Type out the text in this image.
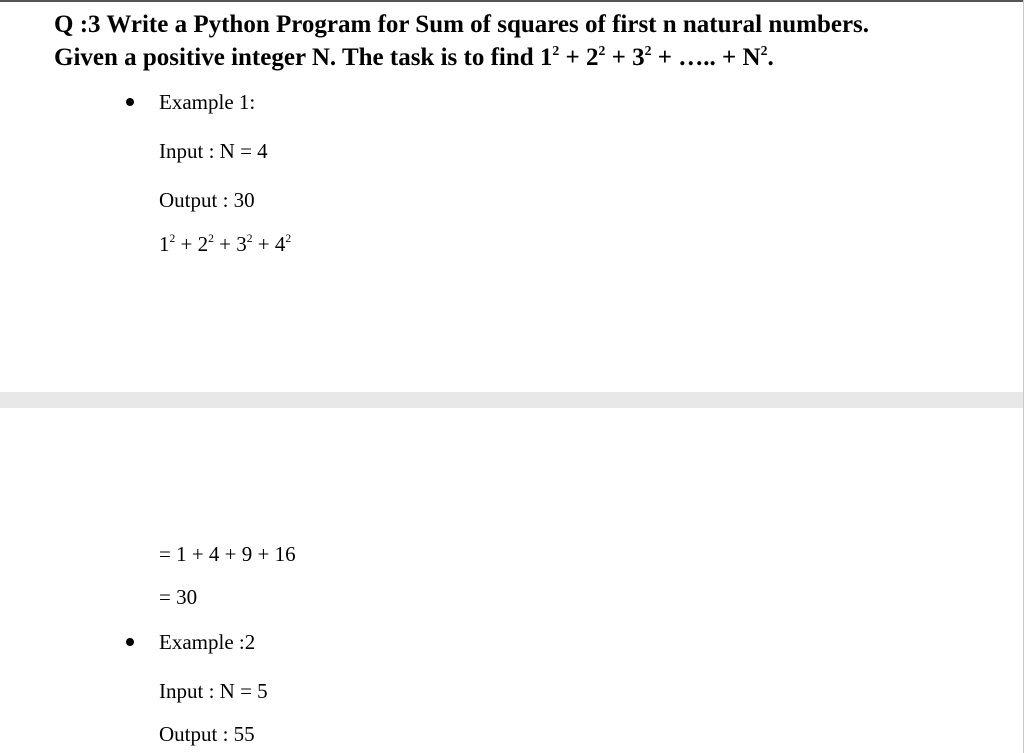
Q :3 Write a Python Program for Sum of squares of first n natural numbers.
Given a positive integer N. The task is to find $1^2 + 2^2 + 3^2$ + ….. + $N^2$.
Example 1:
Input : N = 4
Output : 30
$1^2 + 2^2 + 3^2 + 4^2$
= 1 + 4 + 9 + 16
= 30
Example :2
Input : N = 5
Output : 55
